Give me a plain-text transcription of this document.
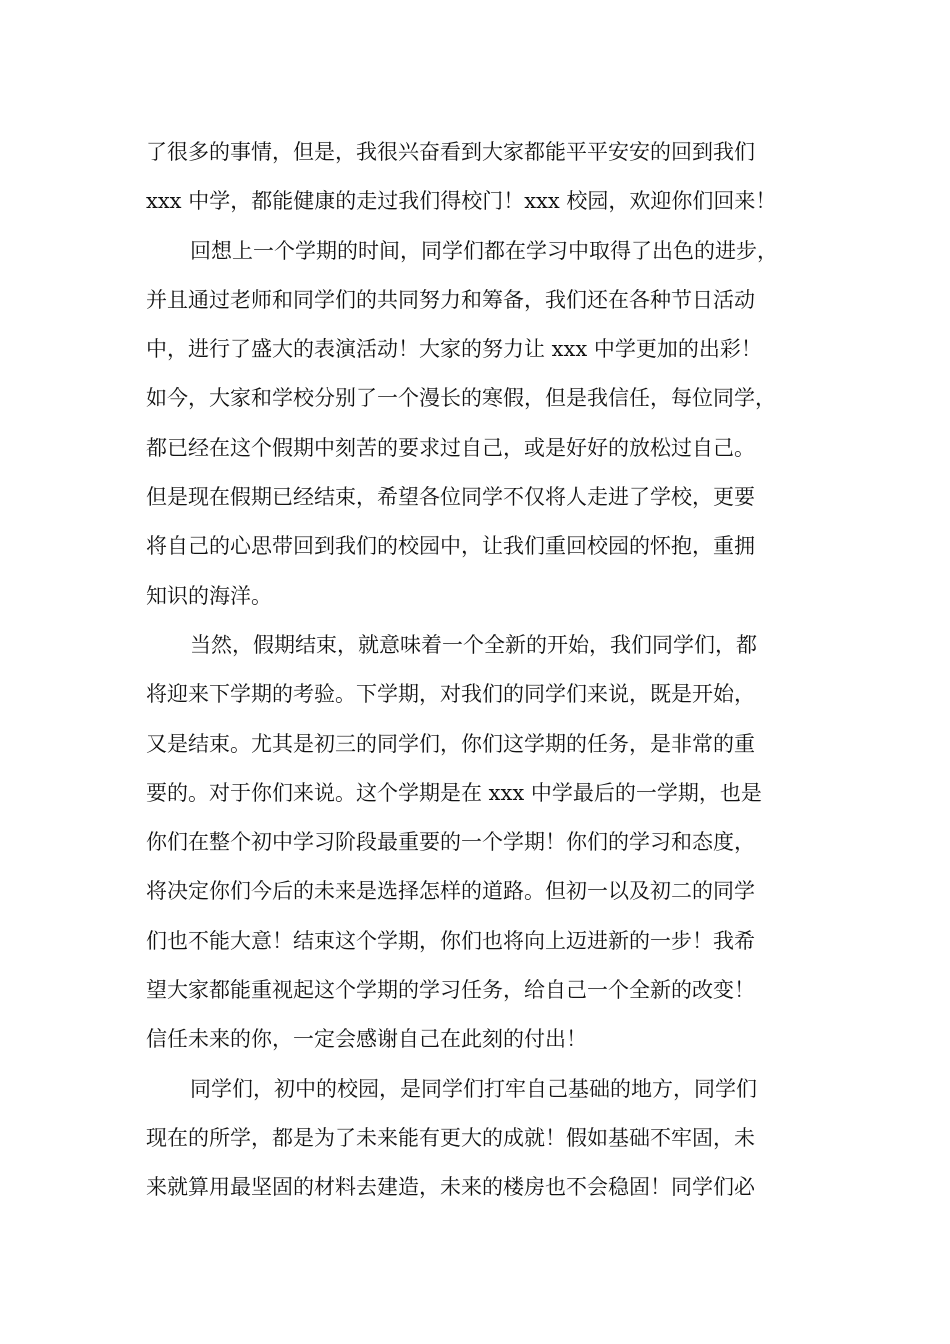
了很多的事情，但是，我很兴奋看到大家都能平平安安的回到我们
xxx 中学，都能健康的走过我们得校门！xxx 校园，欢迎你们回来！
回想上一个学期的时间，同学们都在学习中取得了出色的进步，
并且通过老师和同学们的共同努力和筹备，我们还在各种节日活动
中，进行了盛大的表演活动！大家的努力让 xxx 中学更加的出彩！
如今，大家和学校分别了一个漫长的寒假，但是我信任，每位同学，
都已经在这个假期中刻苦的要求过自己，或是好好的放松过自己。
但是现在假期已经结束，希望各位同学不仅将人走进了学校，更要
将自己的心思带回到我们的校园中，让我们重回校园的怀抱，重拥
知识的海洋。
当然，假期结束，就意味着一个全新的开始，我们同学们，都
将迎来下学期的考验。下学期，对我们的同学们来说，既是开始，
又是结束。尤其是初三的同学们，你们这学期的任务，是非常的重
要的。对于你们来说。这个学期是在 xxx 中学最后的一学期，也是
你们在整个初中学习阶段最重要的一个学期！你们的学习和态度，
将决定你们今后的未来是选择怎样的道路。但初一以及初二的同学
们也不能大意！结束这个学期，你们也将向上迈进新的一步！我希
望大家都能重视起这个学期的学习任务，给自己一个全新的改变！
信任未来的你，一定会感谢自己在此刻的付出！
同学们，初中的校园，是同学们打牢自己基础的地方，同学们
现在的所学，都是为了未来能有更大的成就！假如基础不牢固，未
来就算用最坚固的材料去建造，未来的楼房也不会稳固！同学们必
